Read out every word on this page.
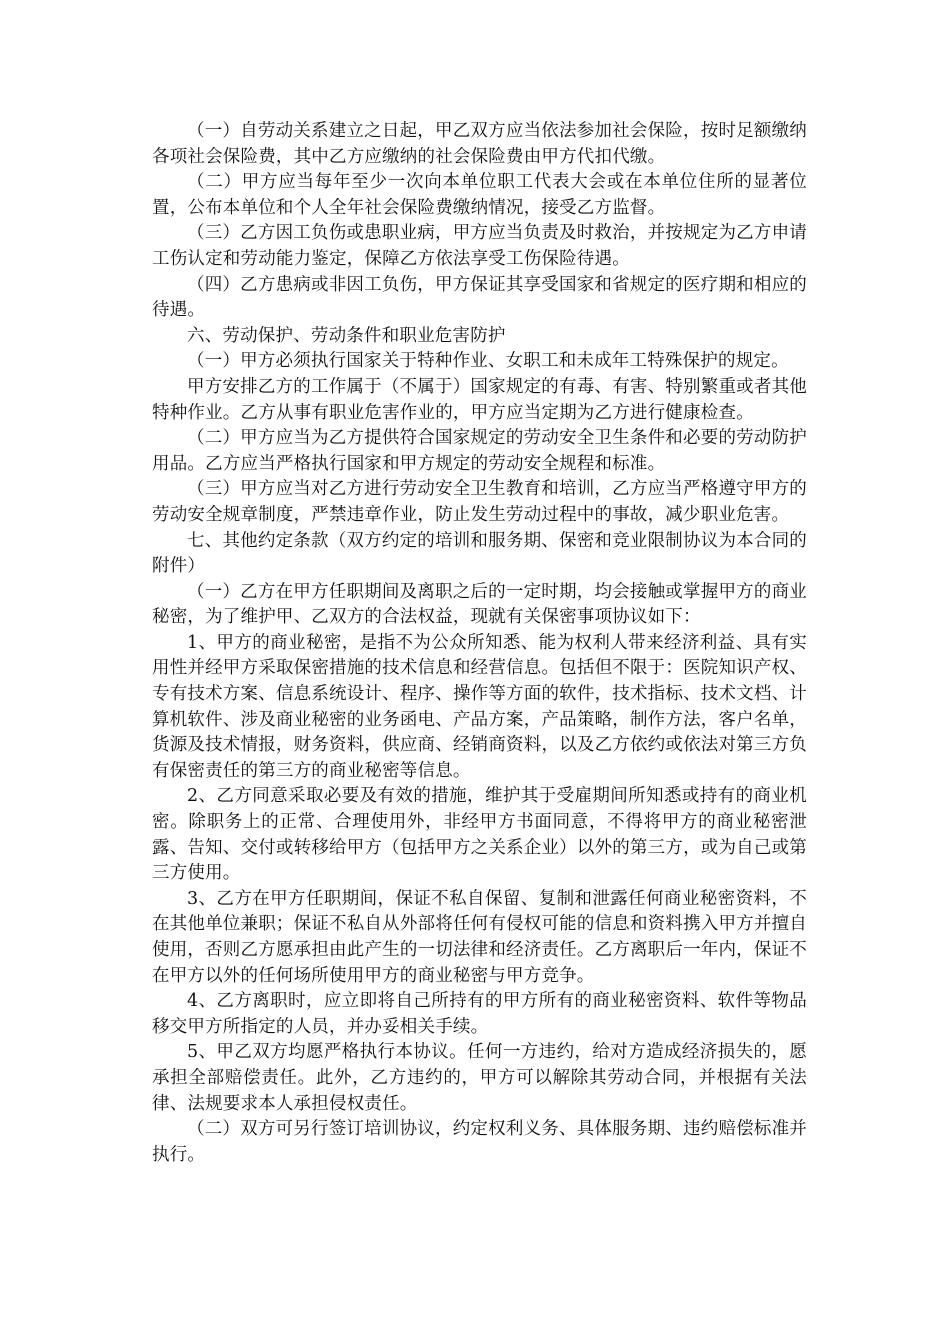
（一）自劳动关系建立之日起，甲乙双方应当依法参加社会保险，按时足额缴纳各项社会保险费，其中乙方应缴纳的社会保险费由甲方代扣代缴。

（二）甲方应当每年至少一次向本单位职工代表大会或在本单位住所的显著位置，公布本单位和个人全年社会保险费缴纳情况，接受乙方监督。

（三）乙方因工负伤或患职业病，甲方应当负责及时救治，并按规定为乙方申请工伤认定和劳动能力鉴定，保障乙方依法享受工伤保险待遇。

（四）乙方患病或非因工负伤，甲方保证其享受国家和省规定的医疗期和相应的待遇。

六、劳动保护、劳动条件和职业危害防护

（一）甲方必须执行国家关于特种作业、女职工和未成年工特殊保护的规定。

甲方安排乙方的工作属于（不属于）国家规定的有毒、有害、特别繁重或者其他特种作业。乙方从事有职业危害作业的，甲方应当定期为乙方进行健康检查。

（二）甲方应当为乙方提供符合国家规定的劳动安全卫生条件和必要的劳动防护用品。乙方应当严格执行国家和甲方规定的劳动安全规程和标准。

（三）甲方应当对乙方进行劳动安全卫生教育和培训，乙方应当严格遵守甲方的劳动安全规章制度，严禁违章作业，防止发生劳动过程中的事故，减少职业危害。

七、其他约定条款（双方约定的培训和服务期、保密和竞业限制协议为本合同的附件）

（一）乙方在甲方任职期间及离职之后的一定时期，均会接触或掌握甲方的商业秘密，为了维护甲、乙双方的合法权益，现就有关保密事项协议如下：

1、甲方的商业秘密，是指不为公众所知悉、能为权利人带来经济利益、具有实用性并经甲方采取保密措施的技术信息和经营信息。包括但不限于：医院知识产权、专有技术方案、信息系统设计、程序、操作等方面的软件，技术指标、技术文档、计算机软件、涉及商业秘密的业务函电、产品方案，产品策略，制作方法，客户名单，货源及技术情报，财务资料，供应商、经销商资料，以及乙方依约或依法对第三方负有保密责任的第三方的商业秘密等信息。

2、乙方同意采取必要及有效的措施，维护其于受雇期间所知悉或持有的商业机密。除职务上的正常、合理使用外，非经甲方书面同意，不得将甲方的商业秘密泄露、告知、交付或转移给甲方（包括甲方之关系企业）以外的第三方，或为自己或第三方使用。

3、乙方在甲方任职期间，保证不私自保留、复制和泄露任何商业秘密资料，不在其他单位兼职；保证不私自从外部将任何有侵权可能的信息和资料携入甲方并擅自使用，否则乙方愿承担由此产生的一切法律和经济责任。乙方离职后一年内，保证不在甲方以外的任何场所使用甲方的商业秘密与甲方竞争。

4、乙方离职时，应立即将自己所持有的甲方所有的商业秘密资料、软件等物品移交甲方所指定的人员，并办妥相关手续。

5、甲乙双方均愿严格执行本协议。任何一方违约，给对方造成经济损失的，愿承担全部赔偿责任。此外，乙方违约的，甲方可以解除其劳动合同，并根据有关法律、法规要求本人承担侵权责任。

（二）双方可另行签订培训协议，约定权利义务、具体服务期、违约赔偿标准并执行。
